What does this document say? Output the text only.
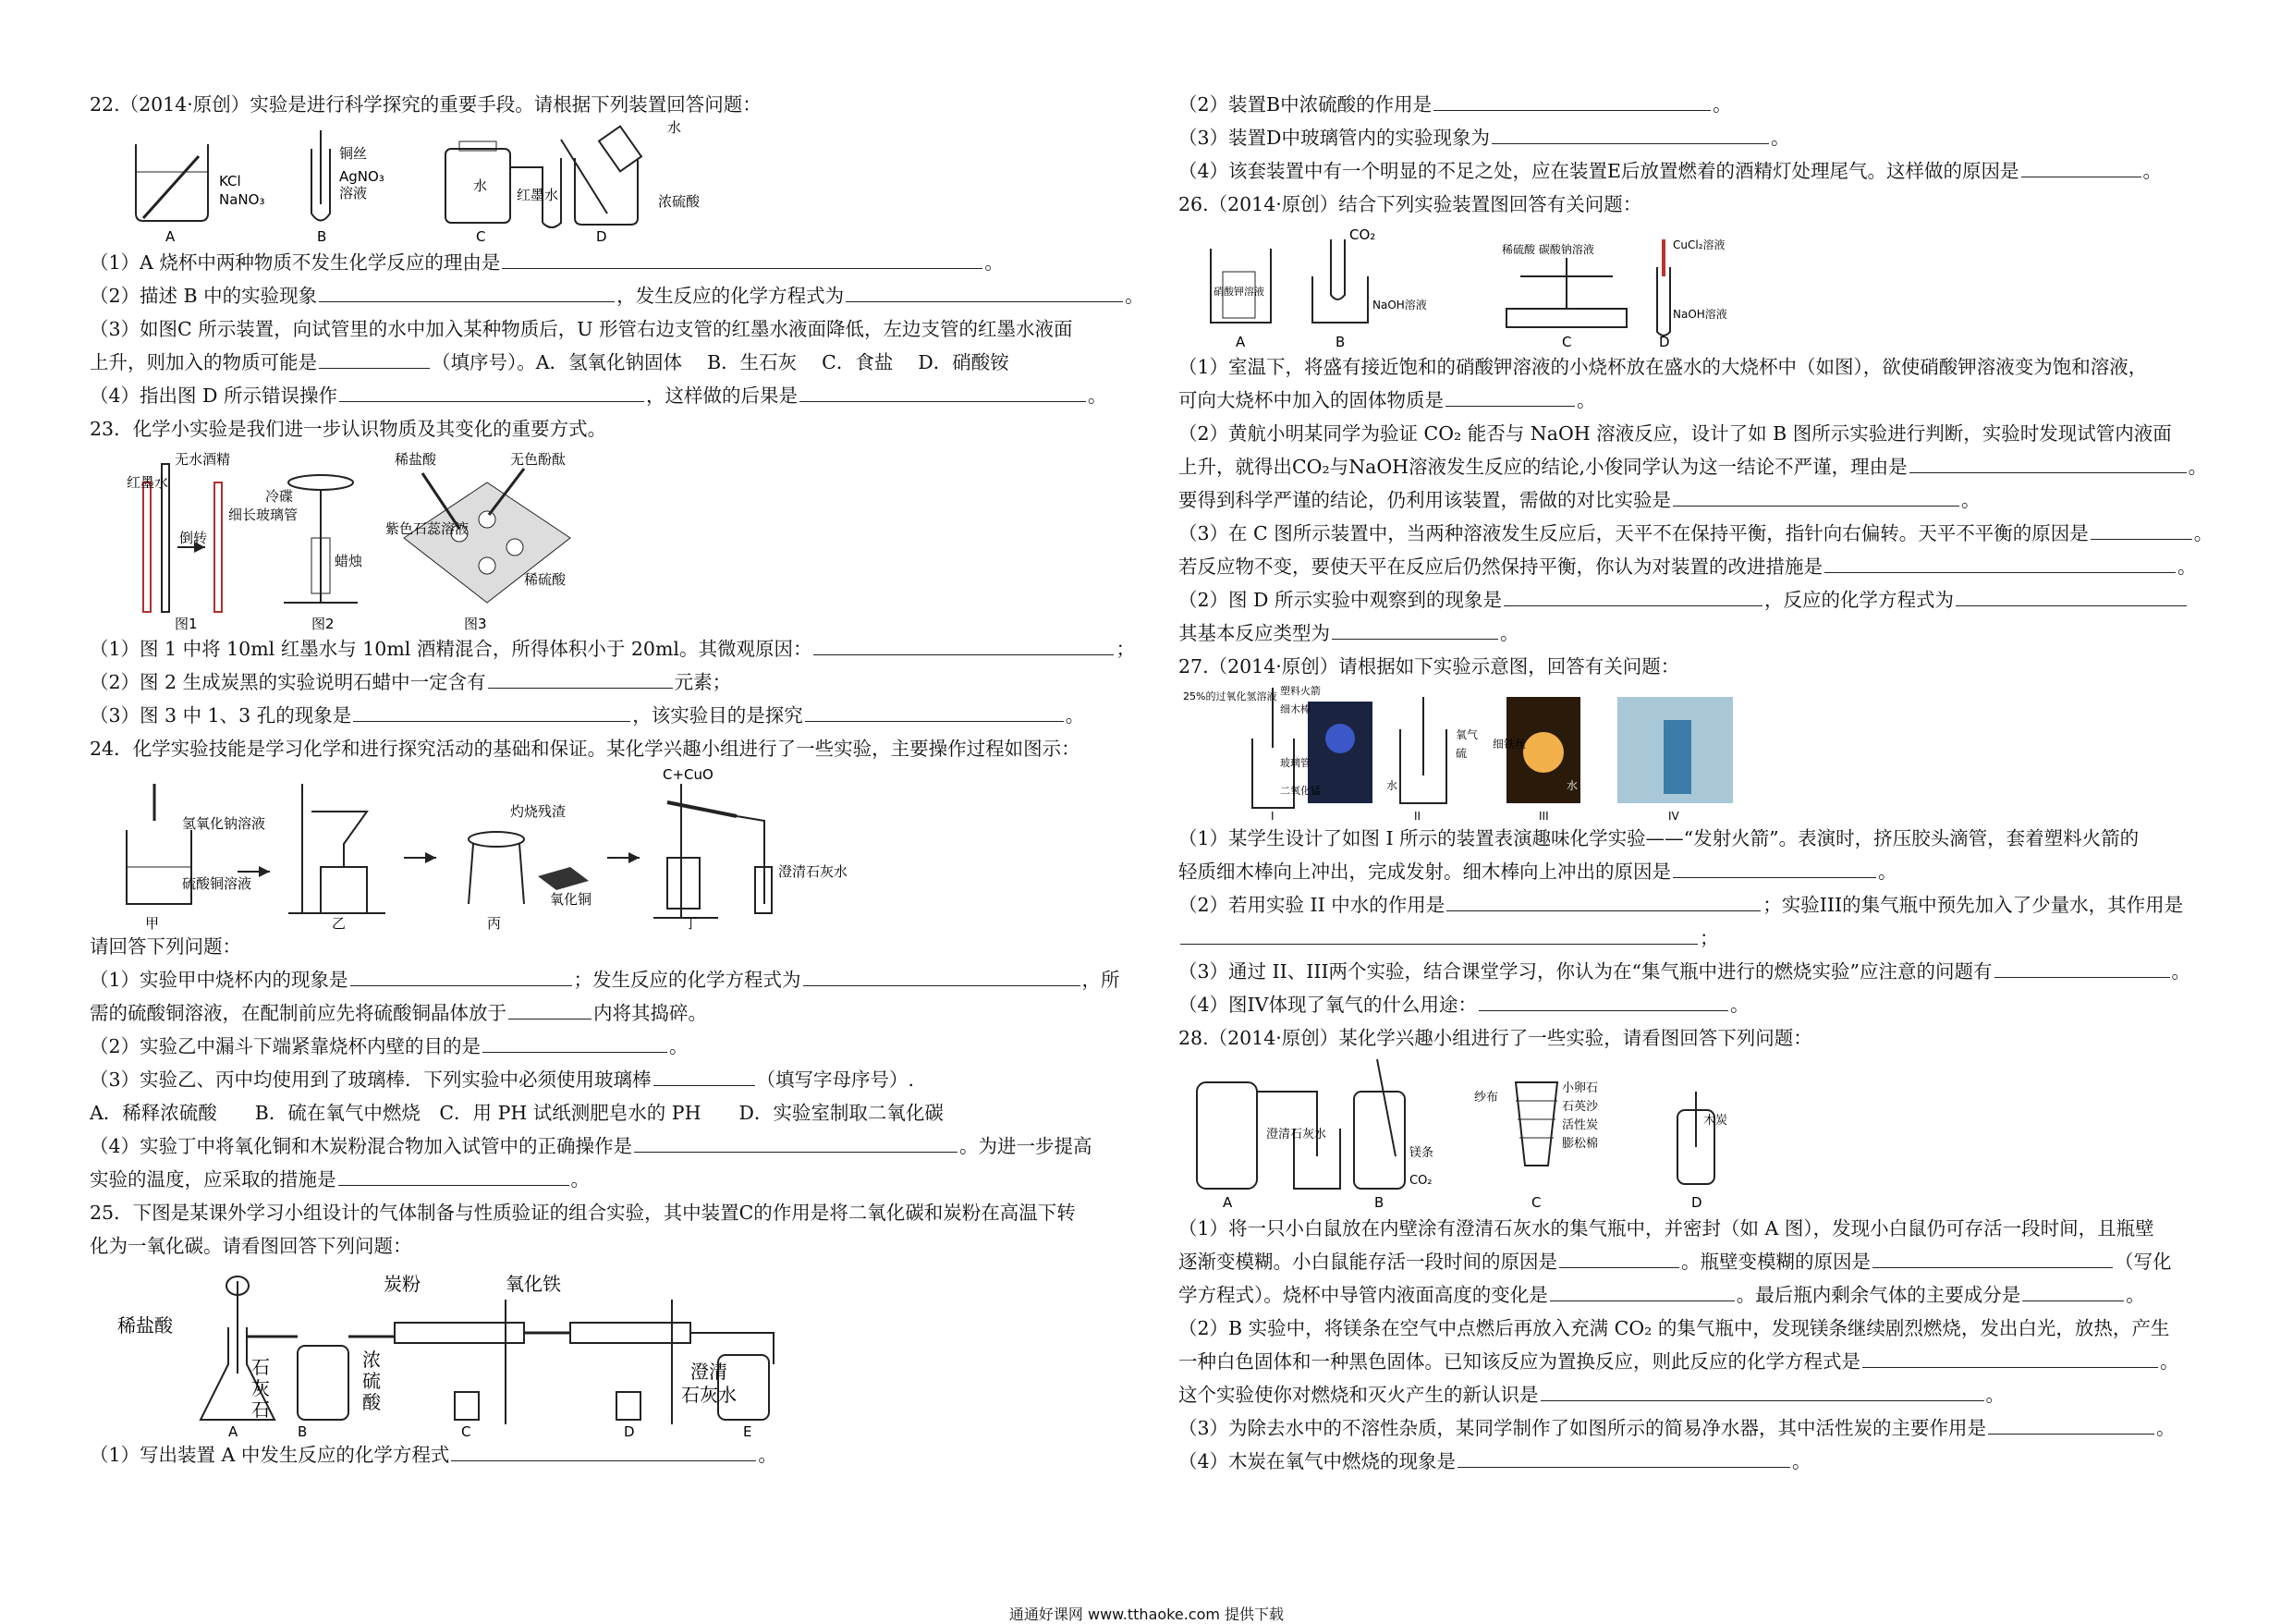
22.（2014·原创）实验是进行科学探究的重要手段。请根据下列装置回答问题：
KCl
NaNO₃
A
铜丝
AgNO₃
溶液
B
水
红墨水
C
水
浓硫酸
D
（1）A 烧杯中两种物质不发生化学反应的理由是	。
（2）描述 B 中的实验现象	，发生反应的化学方程式为	。
（3）如图C 所示装置，向试管里的水中加入某种物质后，U 形管右边支管的红墨水液面降低，左边支管的红墨水液面
上升，则加入的物质可能是	（填序号）。A．氢氧化钠固体　 B．生石灰　 C．食盐　 D．硝酸铵
（4）指出图 D 所示错误操作	，这样做的后果是	。
23．化学小实验是我们进一步认识物质及其变化的重要方式。
红墨水
无水酒精
倒转
细长玻璃管
图1
冷碟
蜡烛
图2
稀盐酸	无色酚酞
紫色石蕊溶液
稀硫酸
图3
（1）图 1 中将 10ml 红墨水与 10ml 酒精混合，所得体积小于 20ml。其微观原因：	；
（2）图 2 生成炭黑的实验说明石蜡中一定含有	元素；
（3）图 3 中 1、3 孔的现象是	，该实验目的是探究	。
24．化学实验技能是学习化学和进行探究活动的基础和保证。某化学兴趣小组进行了一些实验，主要操作过程如图示：
氢氧化钠溶液
硫酸铜溶液
甲	乙
灼烧残渣
氧化铜
丙
C+CuO
澄清石灰水
丁
请回答下列问题：
（1）实验甲中烧杯内的现象是	；发生反应的化学方程式为	，所
需的硫酸铜溶液，在配制前应先将硫酸铜晶体放于	内将其捣碎。
（2）实验乙中漏斗下端紧靠烧杯内壁的目的是	。
（3）实验乙、丙中均使用到了玻璃棒．下列实验中必须使用玻璃棒	（填写字母序号）.
A．稀释浓硫酸　　B．硫在氧气中燃烧　C．用 PH 试纸测肥皂水的 PH　　D．实验室制取二氧化碳
（4）实验丁中将氧化铜和木炭粉混合物加入试管中的正确操作是	。为进一步提高
实验的温度，应采取的措施是	。
25．下图是某课外学习小组设计的气体制备与性质验证的组合实验，其中装置C的作用是将二氧化碳和炭粉在高温下转
化为一氧化碳。请看图回答下列问题：
稀盐酸
石
灰
石
炭粉
浓
硫
酸
氧化铁
澄清
石灰水
A	B	C	D	E
（1）写出装置 A 中发生反应的化学方程式	。
（2）装置B中浓硫酸的作用是	。
（3）装置D中玻璃管内的实验现象为	。
（4）该套装置中有一个明显的不足之处，应在装置E后放置燃着的酒精灯处理尾气。这样做的原因是	。
26.（2014·原创）结合下列实验装置图回答有关问题：
CO₂
硝酸钾溶液
NaOH溶液
稀硫酸 碳酸钠溶液	CuCl₂溶液
NaOH溶液
A	B	C	D
（1）室温下，将盛有接近饱和的硝酸钾溶液的小烧杯放在盛水的大烧杯中（如图），欲使硝酸钾溶液变为饱和溶液，
可向大烧杯中加入的固体物质是	。
（2）黄航小明某同学为验证 CO₂ 能否与 NaOH 溶液反应，设计了如 B 图所示实验进行判断，实验时发现试管内液面
上升，就得出CO₂与NaOH溶液发生反应的结论,小俊同学认为这一结论不严谨，理由是	。
要得到科学严谨的结论，仍利用该装置，需做的对比实验是	。
（3）在 C 图所示装置中，当两种溶液发生反应后，天平不在保持平衡，指针向右偏转。天平不平衡的原因是	。
若反应物不变，要使天平在反应后仍然保持平衡，你认为对装置的改进措施是	。
（2）图 D 所示实验中观察到的现象是	，反应的化学方程式为
其基本反应类型为	。
27.（2014·原创）请根据如下实验示意图，回答有关问题：
25%的过氧化氢溶液 塑料火箭
细木棒
玻璃管
二氧化锰	水
氧气
硫
细铁丝
水
I	II	III	IV
（1）某学生设计了如图 I 所示的装置表演趣味化学实验——“发射火箭”。表演时，挤压胶头滴管，套着塑料火箭的
轻质细木棒向上冲出，完成发射。细木棒向上冲出的原因是	。
（2）若用实验 II 中水的作用是	；实验III的集气瓶中预先加入了少量水，其作用是
；
（3）通过 II、III两个实验，结合课堂学习，你认为在“集气瓶中进行的燃烧实验”应注意的问题有	。
（4）图IV体现了氧气的什么用途：	。
28.（2014·原创）某化学兴趣小组进行了一些实验，请看图回答下列问题：
澄清石灰水
镁条
CO₂
纱布
小卵石
石英沙
活性炭
膨松棉
木炭
A	B	C	D
（1）将一只小白鼠放在内壁涂有澄清石灰水的集气瓶中，并密封（如 A 图），发现小白鼠仍可存活一段时间，且瓶壁
逐渐变模糊。小白鼠能存活一段时间的原因是	。瓶壁变模糊的原因是	（写化
学方程式）。烧杯中导管内液面高度的变化是	。最后瓶内剩余气体的主要成分是	。
（2）B 实验中，将镁条在空气中点燃后再放入充满 CO₂ 的集气瓶中，发现镁条继续剧烈燃烧，发出白光，放热，产生
一种白色固体和一种黑色固体。已知该反应为置换反应，则此反应的化学方程式是	。
这个实验使你对燃烧和灭火产生的新认识是	。
（3）为除去水中的不溶性杂质，某同学制作了如图所示的简易净水器，其中活性炭的主要作用是	。
（4）木炭在氧气中燃烧的现象是	。
通通好课网 www.tthaoke.com 提供下载
